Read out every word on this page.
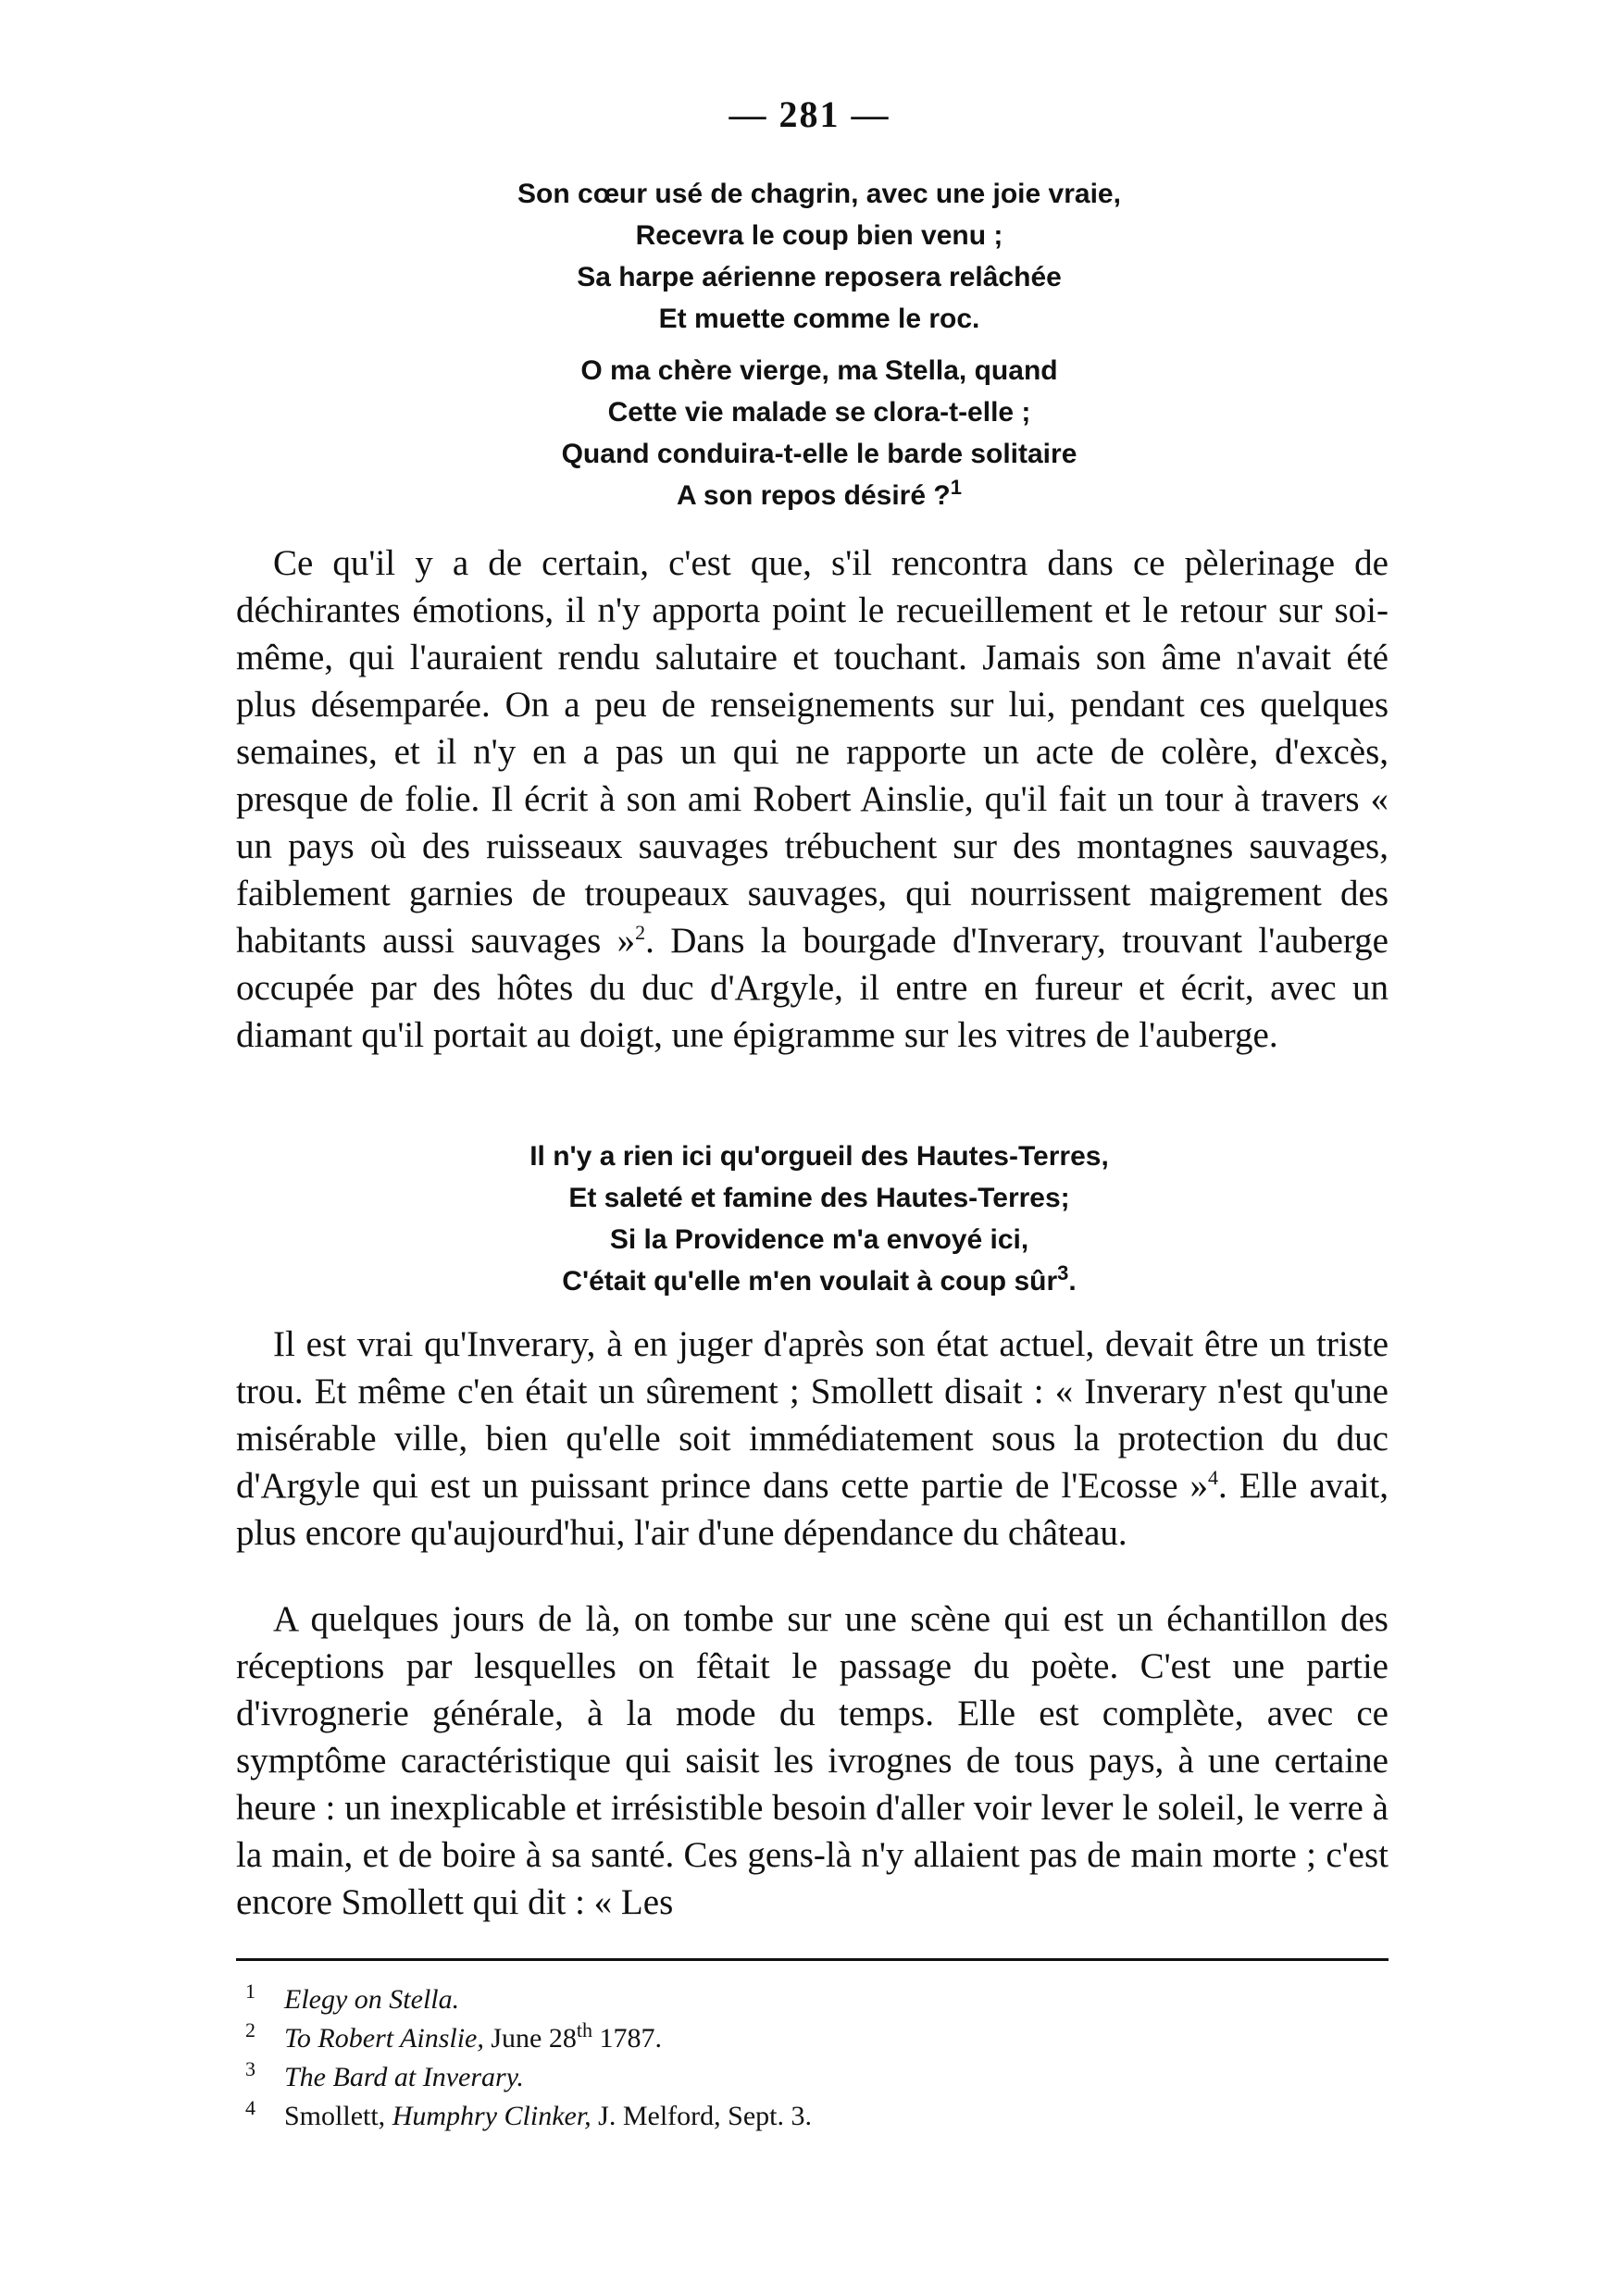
— 281 —
Son cœur usé de chagrin, avec une joie vraie,
Recevra le coup bien venu ;
Sa harpe aérienne reposera relâchée
Et muette comme le roc.
O ma chère vierge, ma Stella, quand
Cette vie malade se clora-t-elle ;
Quand conduira-t-elle le barde solitaire
A son repos désiré ?$^1$
Ce qu'il y a de certain, c'est que, s'il rencontra dans ce pèlerinage de déchirantes émotions, il n'y apporta point le recueillement et le retour sur soi-même, qui l'auraient rendu salutaire et touchant. Jamais son âme n'avait été plus désemparée. On a peu de renseignements sur lui, pendant ces quelques semaines, et il n'y en a pas un qui ne rapporte un acte de colère, d'excès, presque de folie. Il écrit à son ami Robert Ainslie, qu'il fait un tour à travers « un pays où des ruisseaux sauvages trébuchent sur des montagnes sauvages, faiblement garnies de troupeaux sauvages, qui nourrissent maigrement des habitants aussi sauvages »$^2$. Dans la bourgade d'Inverary, trouvant l'auberge occupée par des hôtes du duc d'Argyle, il entre en fureur et écrit, avec un diamant qu'il portait au doigt, une épigramme sur les vitres de l'auberge.
Il n'y a rien ici qu'orgueil des Hautes-Terres,
Et saleté et famine des Hautes-Terres;
Si la Providence m'a envoyé ici,
C'était qu'elle m'en voulait à coup sûr$^3$.
Il est vrai qu'Inverary, à en juger d'après son état actuel, devait être un triste trou. Et même c'en était un sûrement ; Smollett disait : « Inverary n'est qu'une misérable ville, bien qu'elle soit immédiatement sous la protection du duc d'Argyle qui est un puissant prince dans cette partie de l'Ecosse »$^4$. Elle avait, plus encore qu'aujourd'hui, l'air d'une dépendance du château.
A quelques jours de là, on tombe sur une scène qui est un échantillon des réceptions par lesquelles on fêtait le passage du poète. C'est une partie d'ivrognerie générale, à la mode du temps. Elle est complète, avec ce symptôme caractéristique qui saisit les ivrognes de tous pays, à une certaine heure : un inexplicable et irrésistible besoin d'aller voir lever le soleil, le verre à la main, et de boire à sa santé. Ces gens-là n'y allaient pas de main morte ; c'est encore Smollett qui dit : « Les
1 Elegy on Stella.
2 To Robert Ainslie, June 28th 1787.
3 The Bard at Inverary.
4 Smollett, Humphry Clinker, J. Melford, Sept. 3.
